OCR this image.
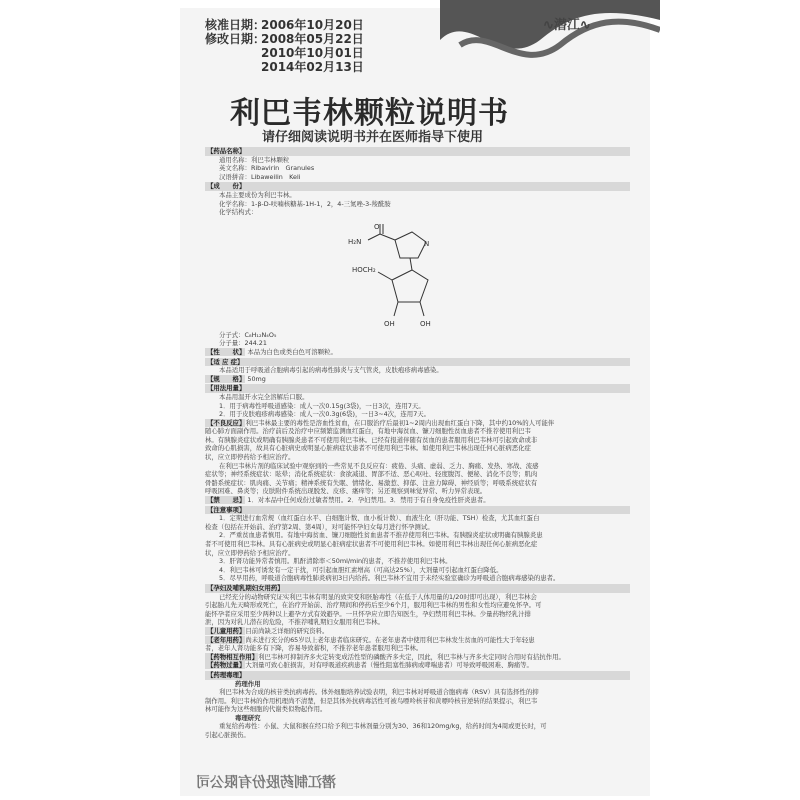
核准日期：2006年10月20日
修改日期：2008年05月22日
2010年10月01日
2014年02月13日
∿潜江∿
利巴韦林颗粒说明书
请仔细阅读说明书并在医师指导下使用
【药品名称】
通用名称：利巴韦林颗粒
英文名称：Ribavirin　Granules
汉语拼音：Libaweilin　Keli
【成　　份】
本品主要成份为利巴韦林。
化学名称：1-β-D-呋喃核糖基-1H-1，2，4-三氮唑-3-羧酰胺
化学结构式：
分子式：C₈H₁₂N₄O₅
分子量：244.21
【性　　状】 本品为白色或类白色可溶颗粒。
【适 应 症】
本品适用于呼吸道合胞病毒引起的病毒性肺炎与支气管炎，皮肤疱疹病毒感染。
【规　　格】 50mg
【用法用量】
本品用温开水完全溶解后口服。
1．用于病毒性呼吸道感染：成人一次0.15g(3袋)，一日3次，连用7天。
2．用于皮肤疱疹病毒感染：成人一次0.3g(6袋)，一日3~4次，连用7天。
【不良反应】利巴韦林最主要的毒性是溶血性贫血，在口服治疗后最初1~2周内出现血红蛋白下降，其中约10%的人可能伴
随心肺方面副作用。治疗前后及治疗中应频繁监测血红蛋白，有地中海贫血、镰刀细胞性贫血患者不推荐使用利巴韦
林。有胰腺炎症状或明确有胰腺炎患者不可使用利巴韦林。已经有报道伴随有贫血的患者服用利巴韦林可引起致命或非
致命的心肌损害，故具有心脏病史或明显心脏病症状患者不可使用利巴韦林。如使用利巴韦林出现任何心脏病恶化症
状，应立即停药给予相应治疗。
在利巴韦林片剂的临床试验中观察到的一些常见不良反应有：疲倦、头痛、虚弱、乏力、胸痛、发热、寒战、流感
症状等；神经系统症状：眩晕；消化系统症状：食欲减退、胃部不适、恶心呕吐、轻度腹泻、便秘、消化不良等；肌肉
骨骼系统症状：肌肉痛、关节痛；精神系统有失眠、情绪化、易激惹、抑郁、注意力障碍、神经质等；呼吸系统症状有
呼吸困难、鼻炎等；皮肤附件系统出现脱发、皮疹、瘙痒等；另还观察到味觉异常、听力异常表现。
【禁　　忌】 1．对本品中任何成份过敏者禁用。2．孕妇禁用。3．禁用于有自身免疫性肝炎患者。
【注意事项】
1．定期进行血常规（血红蛋白水平、白细胞计数、血小板计数）、血液生化（肝功能、TSH）检查，尤其血红蛋白
检查（包括在开始前、治疗第2周、第4周），对可能怀孕妇女每月进行怀孕测试。
2．严重贫血患者慎用。有地中海贫血、镰刀细胞性贫血患者不推荐使用利巴韦林。有胰腺炎症状或明确有胰腺炎患
者不可使用利巴韦林。具有心脏病史或明显心脏病症状患者不可使用利巴韦林。如使用利巴韦林出现任何心脏病恶化症
状，应立即停药给予相应治疗。
3．肝肾功能异常者慎用。肌酐清除率＜50ml/min的患者，不推荐使用利巴韦林。
4．利巴韦林可诱发有一定干扰，可引起血胆红素增高（可高达25%），大剂量可引起血红蛋白降低。
5．尽早用药，呼吸道合胞病毒性肺炎病初3日内给药。利巴韦林不宜用于未经实验室确诊为呼吸道合胞病毒感染的患者。
【孕妇及哺乳期妇女用药】
已经充分的动物研究证实利巴韦林有明显的致突变和胚胎毒性（在低于人体用量的1/20时即可出现），利巴韦林会
引起胎儿先天畸形或死亡，在治疗开始前、治疗期间和停药后至少6个月，服用利巴韦林的男性和女性均应避免怀孕。可
能怀孕者应采用至少两种以上避孕方式有效避孕。一旦怀孕应立即告知医生，孕妇禁用利巴韦林。少量药物经乳汁排
泄，因为对乳儿潜在的危险，不推荐哺乳期妇女服用利巴韦林。
【儿童用药】目前尚缺乏详细的研究资料。
【老年用药】尚未进行充分的65岁以上老年患者临床研究。在老年患者中使用利巴韦林发生贫血的可能性大于年轻患
者，老年人肾功能多有下降，容易导致蓄积，不推荐老年患者服用利巴韦林。
【药物相互作用】利巴韦林可抑制齐多夫定转变成活性型的磷酸齐多夫定，因此，利巴韦林与齐多夫定同时合用时有拮抗作用。
【药物过量】大剂量可致心脏损害，对有呼吸道疾病患者（慢性阻塞性肺病或哮喘患者）可导致呼吸困难、胸痛等。
【药理毒理】
药理作用
利巴韦林为合成的核苷类抗病毒药。体外细胞培养试验表明，利巴韦林对呼吸道合胞病毒（RSV）具有选择性的抑
制作用。利巴韦林的作用机理尚不清楚，但是其体外抗病毒活性可被鸟嘌呤核苷和黄嘌呤核苷逆转的结果提示，利巴韦
林可能作为这些细胞的代谢类似物起作用。
毒理研究
重复给药毒性：小鼠、大鼠和猴在经口给予利巴韦林剂量分别为30、36和120mg/kg，给药时间为4周或更长时，可
引起心脏损伤。
H₂N
HOCH₂
O
N
OH	OH
潜江制药股份有限公司
